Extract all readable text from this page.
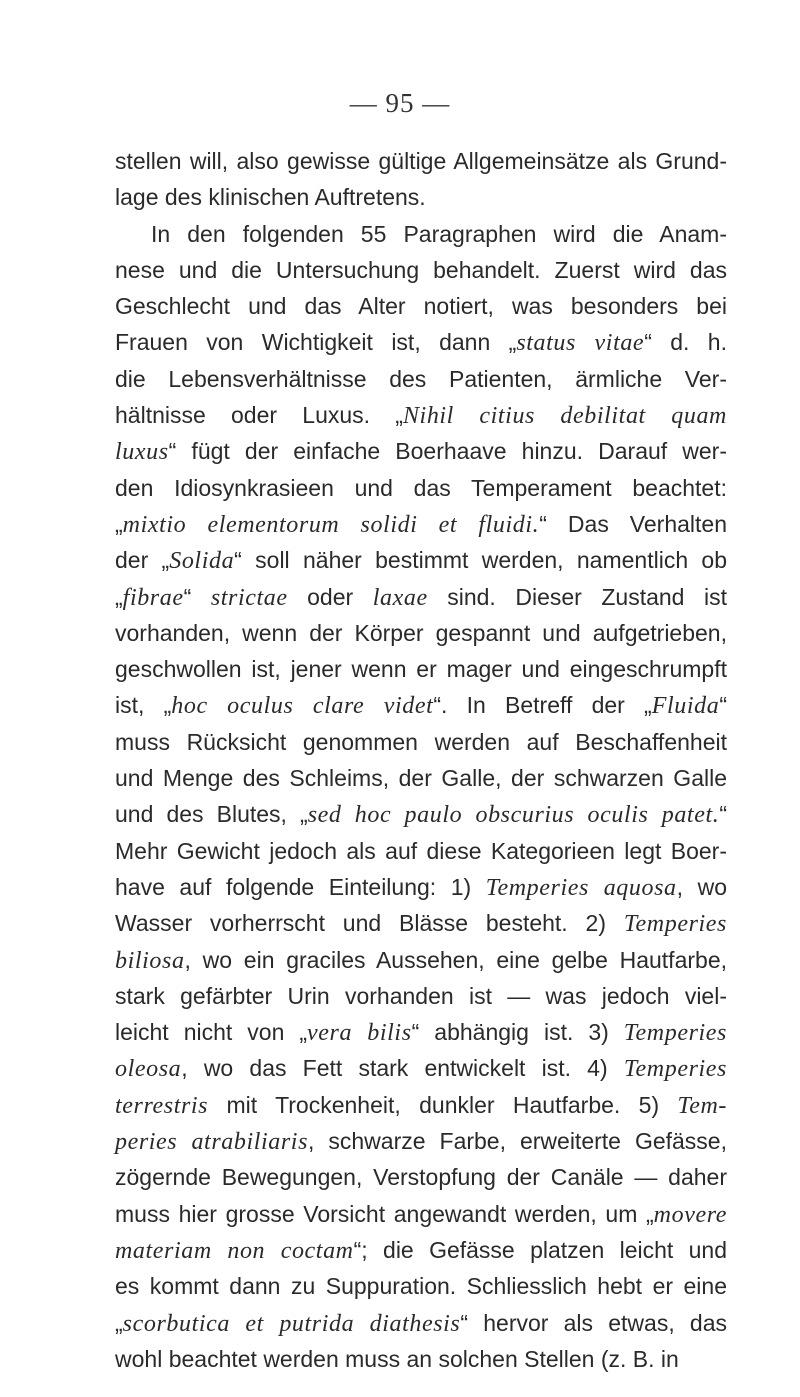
— 95 —
stellen will, also gewisse gültige Allgemeinsätze als Grund-
lage des klinischen Auftretens.
In den folgenden 55 Paragraphen wird die Anam-
nese und die Untersuchung behandelt. Zuerst wird das
Geschlecht und das Alter notiert, was besonders bei
Frauen von Wichtigkeit ist, dann „status vitae“ d. h.
die Lebensverhältnisse des Patienten, ärmliche Ver-
hältnisse oder Luxus. „Nihil citius debilitat quam
luxus“ fügt der einfache Boerhaave hinzu. Darauf wer-
den Idiosynkrasieen und das Temperament beachtet:
„mixtio elementorum solidi et fluidi.“ Das Verhalten
der „Solida“ soll näher bestimmt werden, namentlich ob
„fibrae“ strictae oder laxae sind. Dieser Zustand ist
vorhanden, wenn der Körper gespannt und aufgetrieben,
geschwollen ist, jener wenn er mager und eingeschrumpft
ist, „hoc oculus clare videt“. In Betreff der „Fluida“
muss Rücksicht genommen werden auf Beschaffenheit
und Menge des Schleims, der Galle, der schwarzen Galle
und des Blutes, „sed hoc paulo obscurius oculis patet.“
Mehr Gewicht jedoch als auf diese Kategorieen legt Boer-
have auf folgende Einteilung: 1) Temperies aquosa, wo
Wasser vorherrscht und Blässe besteht. 2) Temperies
biliosa, wo ein graciles Aussehen, eine gelbe Hautfarbe,
stark gefärbter Urin vorhanden ist — was jedoch viel-
leicht nicht von „vera bilis“ abhängig ist. 3) Temperies
oleosa, wo das Fett stark entwickelt ist. 4) Temperies
terrestris mit Trockenheit, dunkler Hautfarbe. 5) Tem-
peries atrabiliaris, schwarze Farbe, erweiterte Gefässe,
zögernde Bewegungen, Verstopfung der Canäle — daher
muss hier grosse Vorsicht angewandt werden, um „movere
materiam non coctam“; die Gefässe platzen leicht und
es kommt dann zu Suppuration. Schliesslich hebt er eine
„scorbutica et putrida diathesis“ hervor als etwas, das
wohl beachtet werden muss an solchen Stellen (z. B. in
